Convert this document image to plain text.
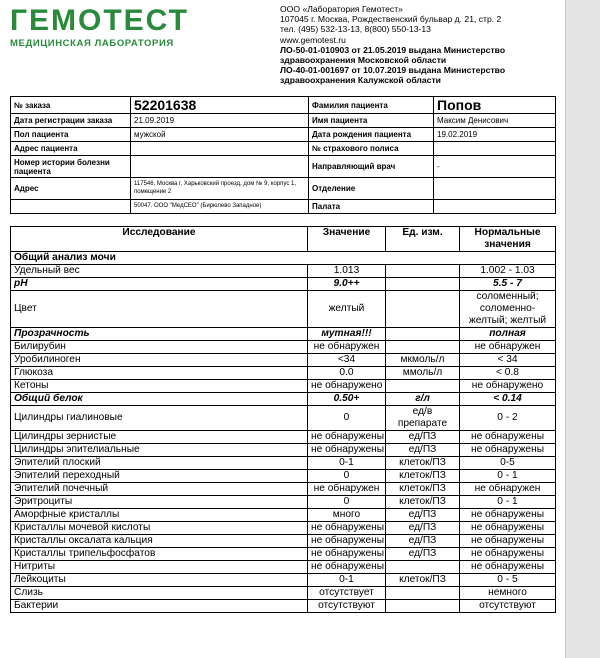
ГЕМОТЕСТ
МЕДИЦИНСКАЯ ЛАБОРАТОРИЯ
ООО «Лаборатория Гемотест»
107045 г. Москва, Рождественский бульвар д. 21, стр. 2
тел. (495) 532-13-13, 8(800) 550-13-13
www.gemotest.ru
ЛО-50-01-010903 от 21.05.2019 выдана Министерство
здравоохранения Московской области
ЛО-40-01-001697 от 10.07.2019 выдана Министерство
здравоохранения Калужской области
№ заказа	52201638	Фамилия пациента	Попов
Дата регистрации заказа	21.09.2019	Имя пациента	Максим Денисович
Пол пациента	мужской	Дата рождения пациента	19.02.2019
Адрес пациента		№ страхового полиса	
Номер истории болезни пациента		Направляющий врач	-
Адрес	117546, Москва г, Харьковский проезд, дом № 9, корпус 1, помещение 2	Отделение	
	50047. ООО "МедСЕО" (Бирюлево Западное)	Палата	
Исследование	Значение	Ед. изм.	Нормальные значения
Общий анализ мочи			
Удельный вес	1.013		1.002 - 1.03
pH	9.0++		5.5 - 7
Цвет	желтый		соломенный; соломенно-желтый; желтый
Прозрачность	мутная!!!		полная
Билирубин	не обнаружен		не обнаружен
Уробилиноген	<34	мкмоль/л	< 34
Глюкоза	0.0	ммоль/л	< 0.8
Кетоны	не обнаружено		не обнаружено
Общий белок	0.50+	г/л	< 0.14
Цилиндры гиалиновые	0	ед/в препарате	0 - 2
Цилиндры зернистые	не обнаружены	ед/ПЗ	не обнаружены
Цилиндры эпителиальные	не обнаружены	ед/ПЗ	не обнаружены
Эпителий плоский	0-1	клеток/ПЗ	0-5
Эпителий переходный	0	клеток/ПЗ	0 - 1
Эпителий почечный	не обнаружен	клеток/ПЗ	не обнаружен
Эритроциты	0	клеток/ПЗ	0 - 1
Аморфные кристаллы	много	ед/ПЗ	не обнаружены
Кристаллы мочевой кислоты	не обнаружены	ед/ПЗ	не обнаружены
Кристаллы оксалата кальция	не обнаружены	ед/ПЗ	не обнаружены
Кристаллы трипельфосфатов	не обнаружены	ед/ПЗ	не обнаружены
Нитриты	не обнаружены		не обнаружены
Лейкоциты	0-1	клеток/ПЗ	0 - 5
Слизь	отсутствует		немного
Бактерии	отсутствуют		отсутствуют
